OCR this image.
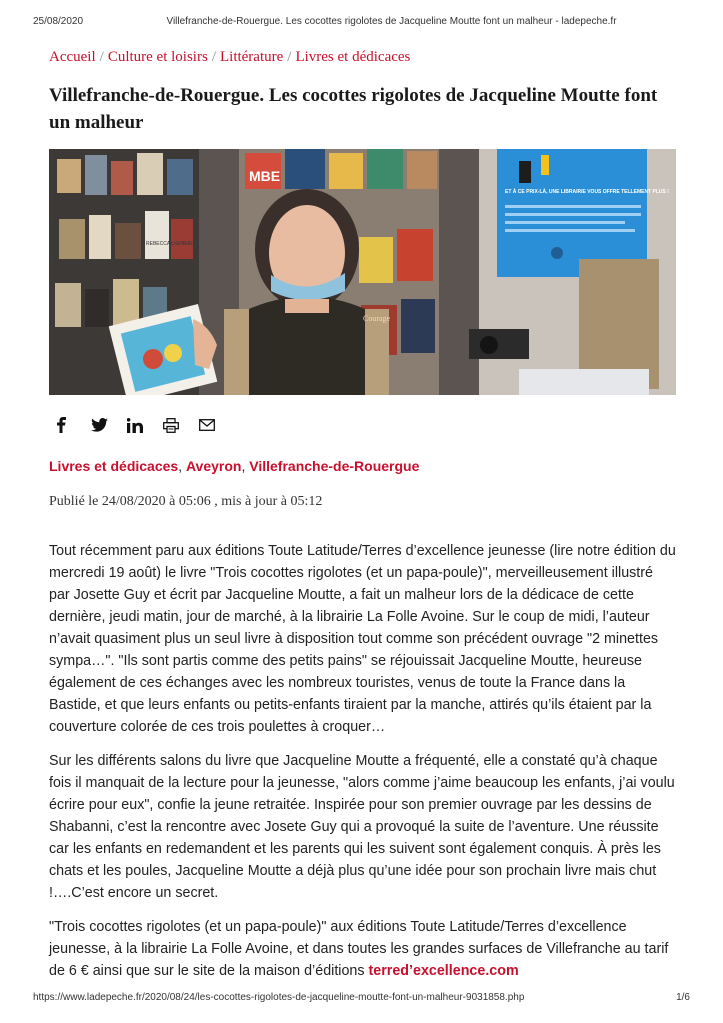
25/08/2020	Villefranche-de-Rouergue. Les cocottes rigolotes de Jacqueline Moutte font un malheur - ladepeche.fr
Accueil / Culture et loisirs / Littérature / Livres et dédicaces
Villefranche-de-Rouergue. Les cocottes rigolotes de Jacqueline Moutte font un malheur
ET À CE PRIX-LÀ, UNE LIBRAIRIE VOUS OFFRE TELLEMENT PLUS !
MBE
REBECCA LIGHIERI
Courage
Livres et dédicaces, Aveyron, Villefranche-de-Rouergue
Publié le 24/08/2020 à 05:06 , mis à jour à 05:12

Tout récemment paru aux éditions Toute Latitude/Terres d’excellence jeunesse (lire notre édition du mercredi 19 août) le livre "Trois cocottes rigolotes (et un papa-poule)", merveilleusement illustré par Josette Guy et écrit par Jacqueline Moutte, a fait un malheur lors de la dédicace de cette dernière, jeudi matin, jour de marché, à la librairie La Folle Avoine. Sur le coup de midi, l’auteur n’avait quasiment plus un seul livre à disposition tout comme son précédent ouvrage "2 minettes sympa…". "Ils sont partis comme des petits pains" se réjouissait Jacqueline Moutte, heureuse également de ces échanges avec les nombreux touristes, venus de toute la France dans la Bastide, et que leurs enfants ou petits-enfants tiraient par la manche, attirés qu’ils étaient par la couverture colorée de ces trois poulettes à croquer…

Sur les différents salons du livre que Jacqueline Moutte a fréquenté, elle a constaté qu’à chaque fois il manquait de la lecture pour la jeunesse, "alors comme j’aime beaucoup les enfants, j’ai voulu écrire pour eux", confie la jeune retraitée. Inspirée pour son premier ouvrage par les dessins de Shabanni, c’est la rencontre avec Josete Guy qui a provoqué la suite de l’aventure. Une réussite car les enfants en redemandent et les parents qui les suivent sont également conquis. À près les chats et les poules, Jacqueline Moutte a déjà plus qu’une idée pour son prochain livre mais chut !….C’est encore un secret.

"Trois cocottes rigolotes (et un papa-poule)" aux éditions Toute Latitude/Terres d’excellence jeunesse, à la librairie La Folle Avoine, et dans toutes les grandes surfaces de Villefranche au tarif de 6 € ainsi que sur le site de la maison d’éditions terred’excellence.com

https://www.ladepeche.fr/2020/08/24/les-cocottes-rigolotes-de-jacqueline-moutte-font-un-malheur-9031858.php	1/6
